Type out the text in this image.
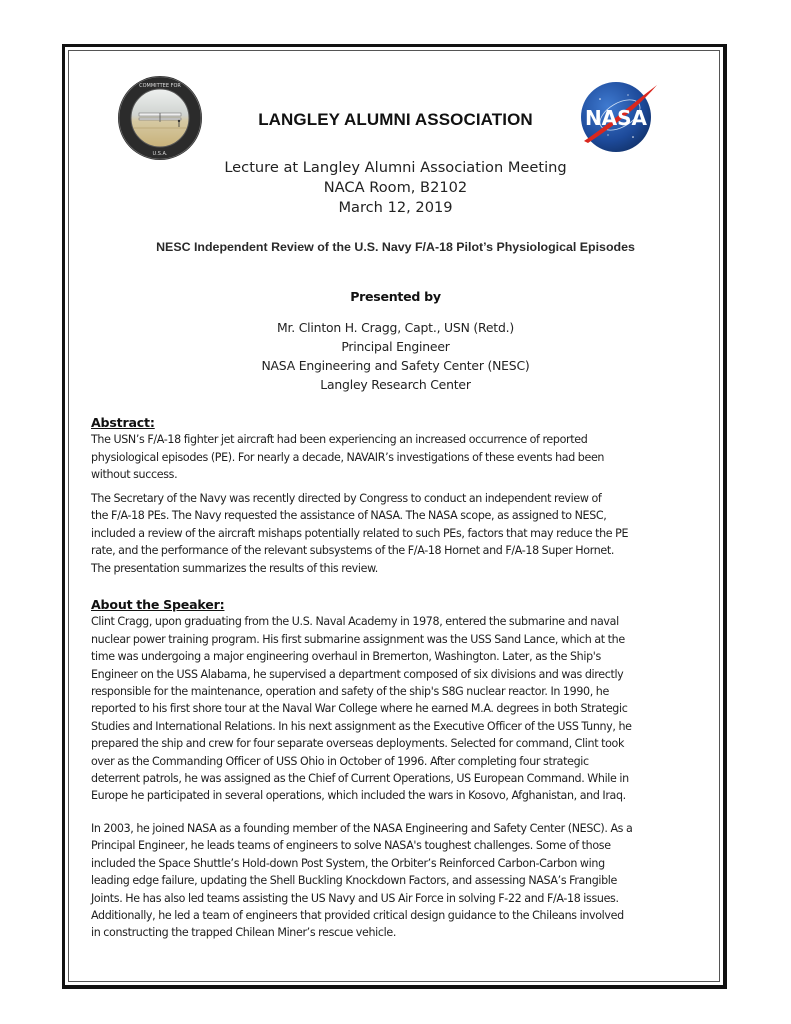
COMMITTEE FOR
U.S.A.
NASA
LANGLEY ALUMNI ASSOCIATION
Lecture at Langley Alumni Association Meeting
NACA Room, B2102
March 12, 2019
NESC Independent Review of the U.S. Navy F/A-18 Pilot’s Physiological Episodes
Presented by
Mr. Clinton H. Cragg, Capt., USN (Retd.)
Principal Engineer
NASA Engineering and Safety Center (NESC)
Langley Research Center
Abstract:

The USN’s F/A-18 fighter jet aircraft had been experiencing an increased occurrence of reported
physiological episodes (PE). For nearly a decade, NAVAIR’s investigations of these events had been
without success.

The Secretary of the Navy was recently directed by Congress to conduct an independent review of
the F/A-18 PEs. The Navy requested the assistance of NASA. The NASA scope, as assigned to NESC,
included a review of the aircraft mishaps potentially related to such PEs, factors that may reduce the PE
rate, and the performance of the relevant subsystems of the F/A-18 Hornet and F/A-18 Super Hornet.
The presentation summarizes the results of this review.
About the Speaker:

Clint Cragg, upon graduating from the U.S. Naval Academy in 1978, entered the submarine and naval
nuclear power training program. His first submarine assignment was the USS Sand Lance, which at the
time was undergoing a major engineering overhaul in Bremerton, Washington. Later, as the Ship's
Engineer on the USS Alabama, he supervised a department composed of six divisions and was directly
responsible for the maintenance, operation and safety of the ship's S8G nuclear reactor. In 1990, he
reported to his first shore tour at the Naval War College where he earned M.A. degrees in both Strategic
Studies and International Relations. In his next assignment as the Executive Officer of the USS Tunny, he
prepared the ship and crew for four separate overseas deployments. Selected for command, Clint took
over as the Commanding Officer of USS Ohio in October of 1996. After completing four strategic
deterrent patrols, he was assigned as the Chief of Current Operations, US European Command. While in
Europe he participated in several operations, which included the wars in Kosovo, Afghanistan, and Iraq.

In 2003, he joined NASA as a founding member of the NASA Engineering and Safety Center (NESC). As a
Principal Engineer, he leads teams of engineers to solve NASA's toughest challenges. Some of those
included the Space Shuttle’s Hold-down Post System, the Orbiter’s Reinforced Carbon-Carbon wing
leading edge failure, updating the Shell Buckling Knockdown Factors, and assessing NASA’s Frangible
Joints. He has also led teams assisting the US Navy and US Air Force in solving F-22 and F/A-18 issues.
Additionally, he led a team of engineers that provided critical design guidance to the Chileans involved
in constructing the trapped Chilean Miner’s rescue vehicle.
